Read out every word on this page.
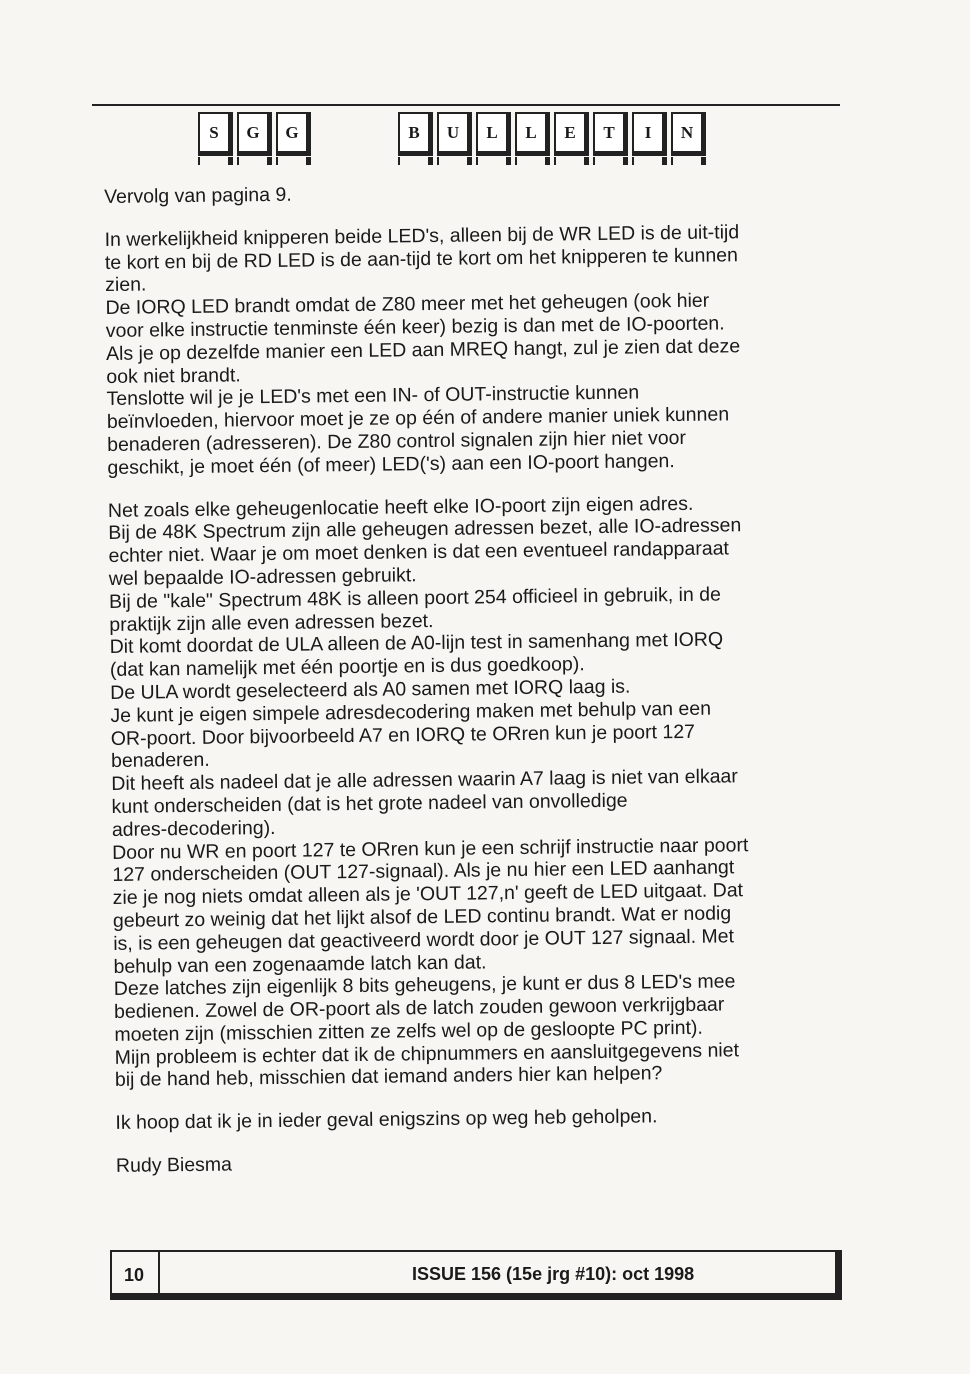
S	G	G	B	U	L	L	E	T	I	N

Vervolg van pagina 9.

In werkelijkheid knipperen beide LED's, alleen bij de WR LED is de uit-tijd
te kort en bij de RD LED is de aan-tijd te kort om het knipperen te kunnen
zien.
De IORQ LED brandt omdat de Z80 meer met het geheugen (ook hier
voor elke instructie tenminste één keer) bezig is dan met de IO-poorten.
Als je op dezelfde manier een LED aan MREQ hangt, zul je zien dat deze
ook niet brandt.
Tenslotte wil je je LED's met een IN- of OUT-instructie kunnen
beïnvloeden, hiervoor moet je ze op één of andere manier uniek kunnen
benaderen (adresseren). De Z80 control signalen zijn hier niet voor
geschikt, je moet één (of meer) LED('s) aan een IO-poort hangen.
Net zoals elke geheugenlocatie heeft elke IO-poort zijn eigen adres.
Bij de 48K Spectrum zijn alle geheugen adressen bezet, alle IO-adressen
echter niet. Waar je om moet denken is dat een eventueel randapparaat
wel bepaalde IO-adressen gebruikt.
Bij de "kale" Spectrum 48K is alleen poort 254 officieel in gebruik, in de
praktijk zijn alle even adressen bezet.
Dit komt doordat de ULA alleen de A0-lijn test in samenhang met IORQ
(dat kan namelijk met één poortje en is dus goedkoop).
De ULA wordt geselecteerd als A0 samen met IORQ laag is.
Je kunt je eigen simpele adresdecodering maken met behulp van een
OR-poort. Door bijvoorbeeld A7 en IORQ te ORren kun je poort 127
benaderen.
Dit heeft als nadeel dat je alle adressen waarin A7 laag is niet van elkaar
kunt onderscheiden (dat is het grote nadeel van onvolledige
adres-decodering).
Door nu WR en poort 127 te ORren kun je een schrijf instructie naar poort
127 onderscheiden (OUT 127-signaal). Als je nu hier een LED aanhangt
zie je nog niets omdat alleen als je 'OUT 127,n' geeft de LED uitgaat. Dat
gebeurt zo weinig dat het lijkt alsof de LED continu brandt. Wat er nodig
is, is een geheugen dat geactiveerd wordt door je OUT 127 signaal. Met
behulp van een zogenaamde latch kan dat.
Deze latches zijn eigenlijk 8 bits geheugens, je kunt er dus 8 LED's mee
bedienen. Zowel de OR-poort als de latch zouden gewoon verkrijgbaar
moeten zijn (misschien zitten ze zelfs wel op de gesloopte PC print).
Mijn probleem is echter dat ik de chipnummers en aansluitgegevens niet
bij de hand heb, misschien dat iemand anders hier kan helpen?

Ik hoop dat ik je in ieder geval enigszins op weg heb geholpen.

Rudy Biesma

10	ISSUE 156 (15e jrg #10): oct 1998
